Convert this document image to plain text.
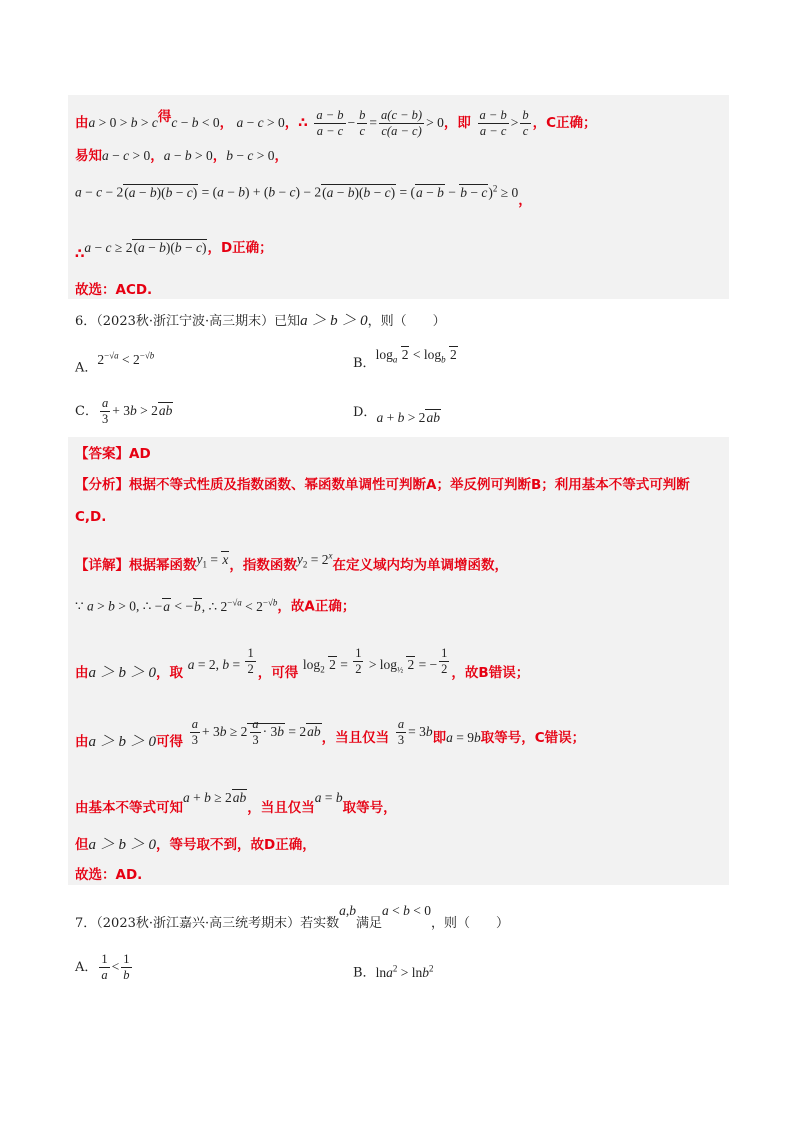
由a > 0 > b > c得c − b < 0， a − c > 0，∴ $\frac{a - b}{a - c} - \frac{b}{c} = \frac{a(c - b)}{c(a - c)} > 0$，即 $\frac{a - b}{a - c} > \frac{b}{c}$ ，C正确；
易知a − c > 0，a − b > 0，b − c > 0，
$a - c - 2(a - b)(b - c) = (a - b) + (b - c) - 2(a - b)(b - c) = (a - b - b - c)^2 \ge 0$，
∴a − c ≥ 2(a − b)(b − c)，D正确；
故选：ACD.
6．（2023秋·浙江宁波·高三期末）已知a ＞ b ＞ 0，则（　　）
A．$2^{-√a} < 2^{-√b}$
B．$\log_a 2 < \log_b 2$
C． $\frac{a}{3} + 3b > 2ab$	D．a + b > 2ab
【答案】AD
【分析】根据不等式性质及指数函数、幂函数单调性可判断A；举反例可判断B；利用基本不等式可判断
C,D.
【详解】根据幂函数$y_1 = x$，指数函数$y_2 = 2^x$在定义域内均为单调增函数，
∵ a > b > 0, ∴ −a < −b, ∴ $2^{-√a} < 2^{-√b}$，故A正确；
由a ＞ b ＞ 0，取 a = 2, $b = \frac{1}{2}$ ，可得 $\log_2 2 = \frac{1}{2} > \log_{\frac{1}{2}} 2$ = − $\frac{1}{2}$ ，故B错误；
由a ＞ b ＞ 0可得 $\frac{a}{3} + 3b \ge 2 \frac{a}{3} \cdot 3b = 2ab$，当且仅当 $\frac{a}{3} = 3b$即a = 9b取等号，C错误；
由基本不等式可知a + b ≥ 2ab，当且仅当a = b取等号，
但a ＞ b ＞ 0，等号取不到，故D正确，
故选：AD.
7．（2023秋·浙江嘉兴·高三统考期末）若实数a,b满足a < b < 0，则（　　）
A． $\frac{1}{a} < \frac{1}{b}$	B．lna$^2$ > lnb$^2$
